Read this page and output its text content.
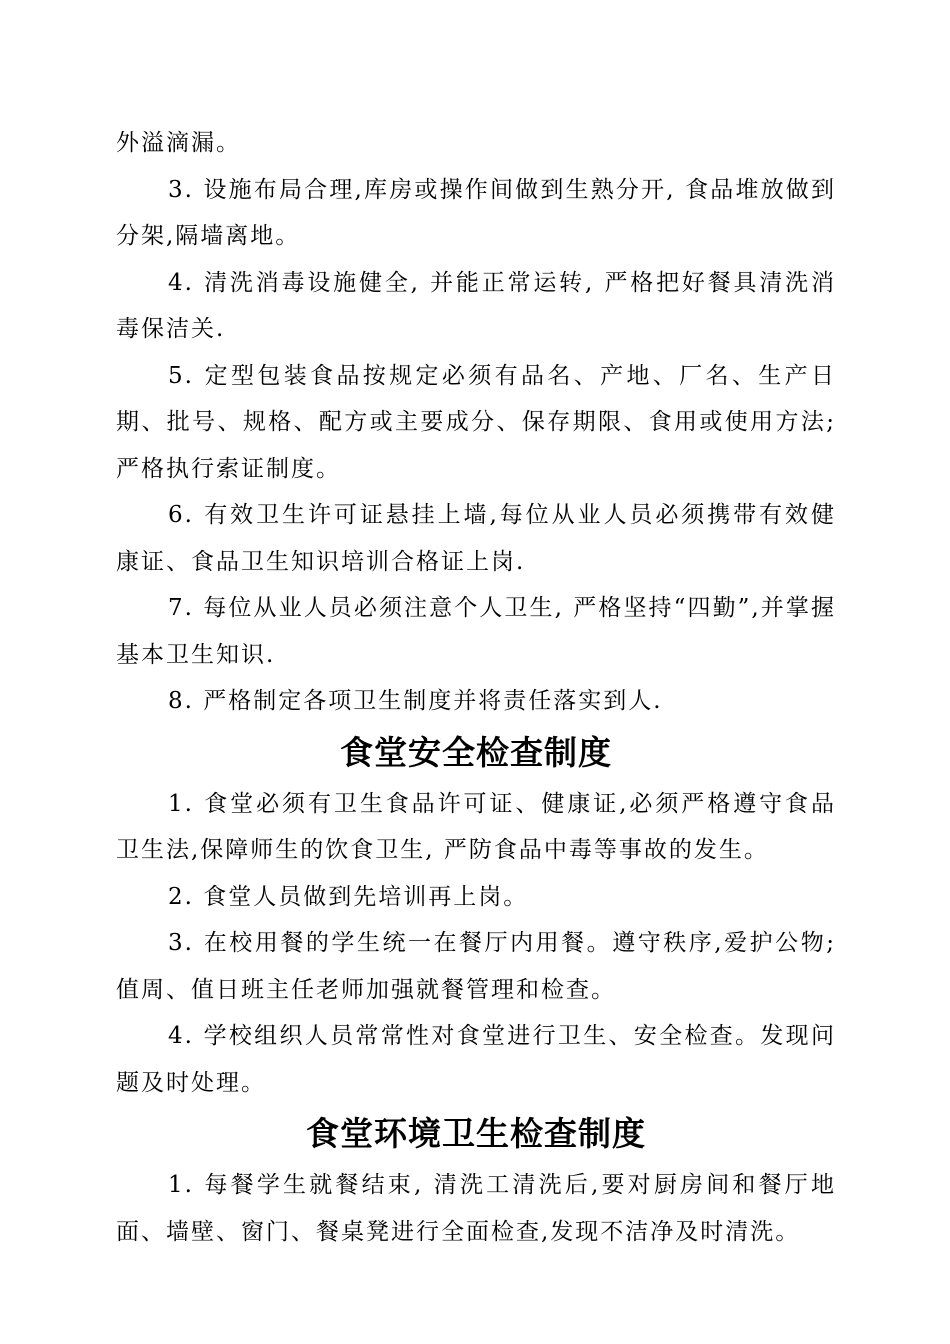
外溢滴漏。

3. 设施布局合理,库房或操作间做到生熟分开, 食品堆放做到分架,隔墙离地。

4. 清洗消毒设施健全, 并能正常运转, 严格把好餐具清洗消毒保洁关.

5. 定型包装食品按规定必须有品名、产地、厂名、生产日期、批号、规格、配方或主要成分、保存期限、食用或使用方法;严格执行索证制度。

6. 有效卫生许可证悬挂上墙,每位从业人员必须携带有效健康证、食品卫生知识培训合格证上岗.

7. 每位从业人员必须注意个人卫生, 严格坚持“四勤”,并掌握基本卫生知识.

8. 严格制定各项卫生制度并将责任落实到人.

食堂安全检查制度

1. 食堂必须有卫生食品许可证、健康证,必须严格遵守食品卫生法,保障师生的饮食卫生, 严防食品中毒等事故的发生。

2. 食堂人员做到先培训再上岗。

3. 在校用餐的学生统一在餐厅内用餐。遵守秩序,爱护公物;值周、值日班主任老师加强就餐管理和检查。

4. 学校组织人员常常性对食堂进行卫生、安全检查。发现问题及时处理。

食堂环境卫生检查制度

1. 每餐学生就餐结束, 清洗工清洗后,要对厨房间和餐厅地面、墙壁、窗门、餐桌凳进行全面检查,发现不洁净及时清洗。
